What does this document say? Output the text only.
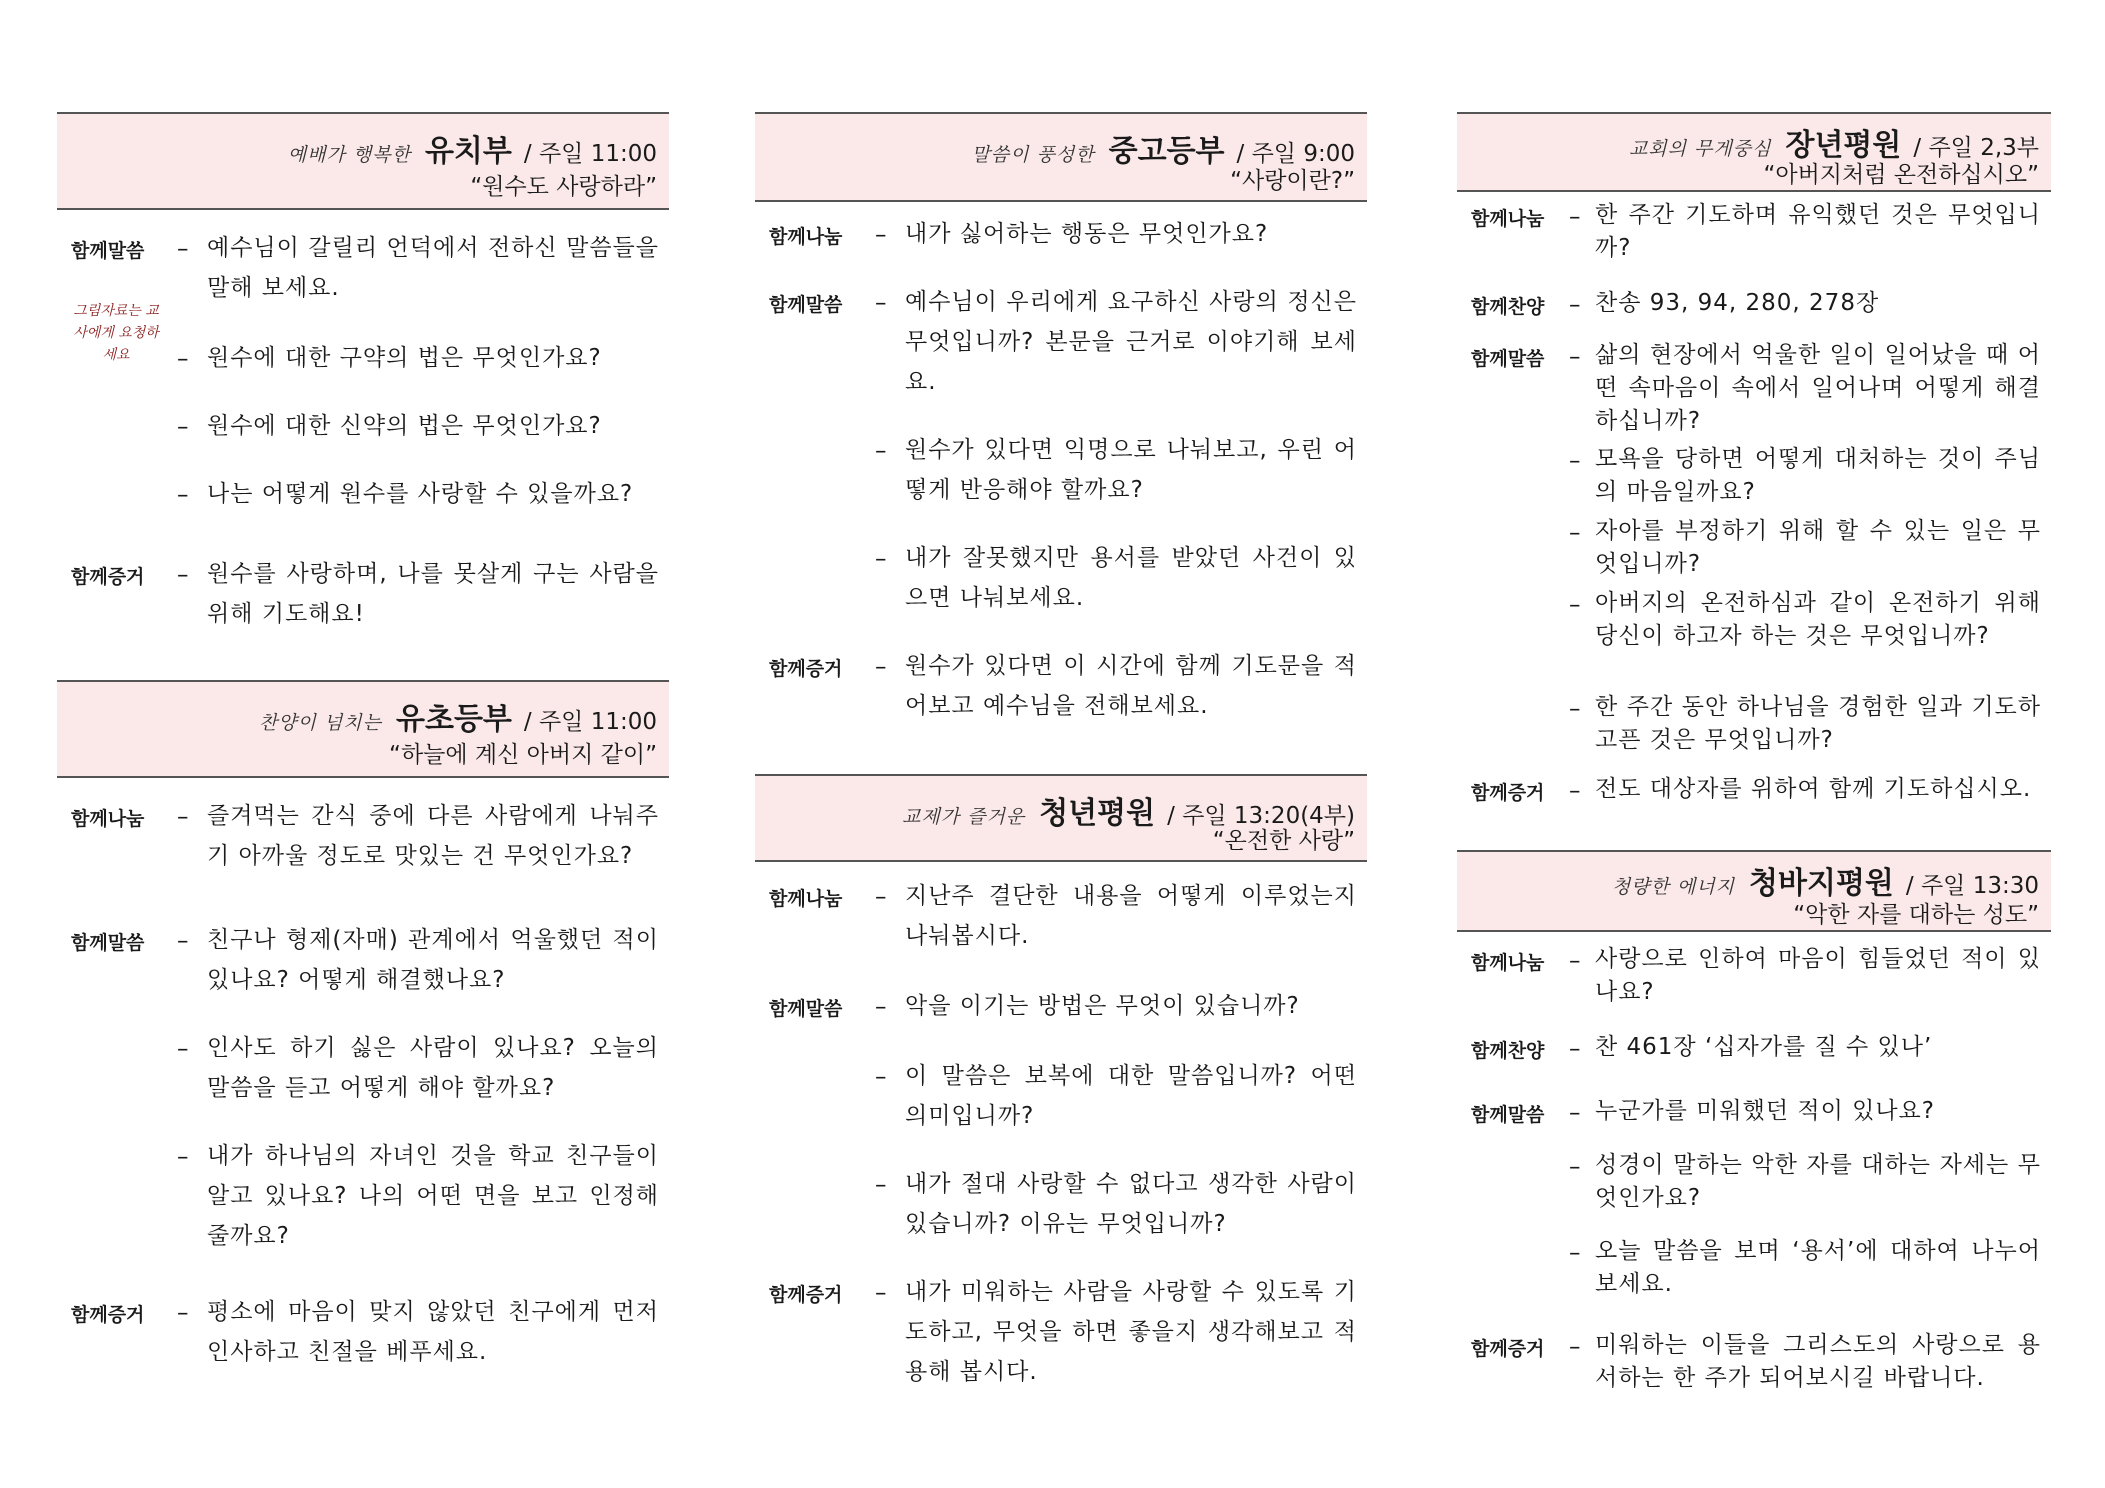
예배가 행복한 유치부 / 주일 11:00
“원수도 사랑하라”
그림자료는 교사에게 요청하세요
함께말씀 – 예수님이 갈릴리 언덕에서 전하신 말씀들을 말해 보세요.
– 원수에 대한 구약의 법은 무엇인가요?
– 원수에 대한 신약의 법은 무엇인가요?
– 나는 어떻게 원수를 사랑할 수 있을까요?
함께증거 – 원수를 사랑하며, 나를 못살게 구는 사람을 위해 기도해요!
찬양이 넘치는 유초등부 / 주일 11:00
“하늘에 계신 아버지 같이”
함께나눔 – 즐겨먹는 간식 중에 다른 사람에게 나눠주기 아까울 정도로 맛있는 건 무엇인가요?
함께말씀 – 친구나 형제(자매) 관계에서 억울했던 적이 있나요? 어떻게 해결했나요?
– 인사도 하기 싫은 사람이 있나요? 오늘의 말씀을 듣고 어떻게 해야 할까요?
– 내가 하나님의 자녀인 것을 학교 친구들이 알고 있나요? 나의 어떤 면을 보고 인정해 줄까요?
함께증거 – 평소에 마음이 맞지 않았던 친구에게 먼저 인사하고 친절을 베푸세요.
말씀이 풍성한 중고등부 / 주일 9:00
“사랑이란?”
함께나눔 – 내가 싫어하는 행동은 무엇인가요?
함께말씀 – 예수님이 우리에게 요구하신 사랑의 정신은 무엇입니까? 본문을 근거로 이야기해 보세요.
– 원수가 있다면 익명으로 나눠보고, 우린 어떻게 반응해야 할까요?
– 내가 잘못했지만 용서를 받았던 사건이 있으면 나눠보세요.
함께증거 – 원수가 있다면 이 시간에 함께 기도문을 적어보고 예수님을 전해보세요.
교제가 즐거운 청년평원 / 주일 13:20(4부)
“온전한 사랑”
함께나눔 – 지난주 결단한 내용을 어떻게 이루었는지 나눠봅시다.
함께말씀 – 악을 이기는 방법은 무엇이 있습니까?
– 이 말씀은 보복에 대한 말씀입니까? 어떤 의미입니까?
– 내가 절대 사랑할 수 없다고 생각한 사람이 있습니까? 이유는 무엇입니까?
함께증거 – 내가 미워하는 사람을 사랑할 수 있도록 기도하고, 무엇을 하면 좋을지 생각해보고 적용해 봅시다.
교회의 무게중심 장년평원 / 주일 2,3부
“아버지처럼 온전하십시오”
함께나눔 – 한 주간 기도하며 유익했던 것은 무엇입니까?
함께찬양 – 찬송 93, 94, 280, 278장
함께말씀 – 삶의 현장에서 억울한 일이 일어났을 때 어떤 속마음이 속에서 일어나며 어떻게 해결하십니까?
– 모욕을 당하면 어떻게 대처하는 것이 주님의 마음일까요?
– 자아를 부정하기 위해 할 수 있는 일은 무엇입니까?
– 아버지의 온전하심과 같이 온전하기 위해 당신이 하고자 하는 것은 무엇입니까?
– 한 주간 동안 하나님을 경험한 일과 기도하고픈 것은 무엇입니까?
함께증거 – 전도 대상자를 위하여 함께 기도하십시오.
청량한 에너지 청바지평원 / 주일 13:30
“악한 자를 대하는 성도”
함께나눔 – 사랑으로 인하여 마음이 힘들었던 적이 있나요?
함께찬양 – 찬 461장 ‘십자가를 질 수 있나’
함께말씀 – 누군가를 미워했던 적이 있나요?
– 성경이 말하는 악한 자를 대하는 자세는 무엇인가요?
– 오늘 말씀을 보며 ‘용서’에 대하여 나누어 보세요.
함께증거 – 미워하는 이들을 그리스도의 사랑으로 용서하는 한 주가 되어보시길 바랍니다.
